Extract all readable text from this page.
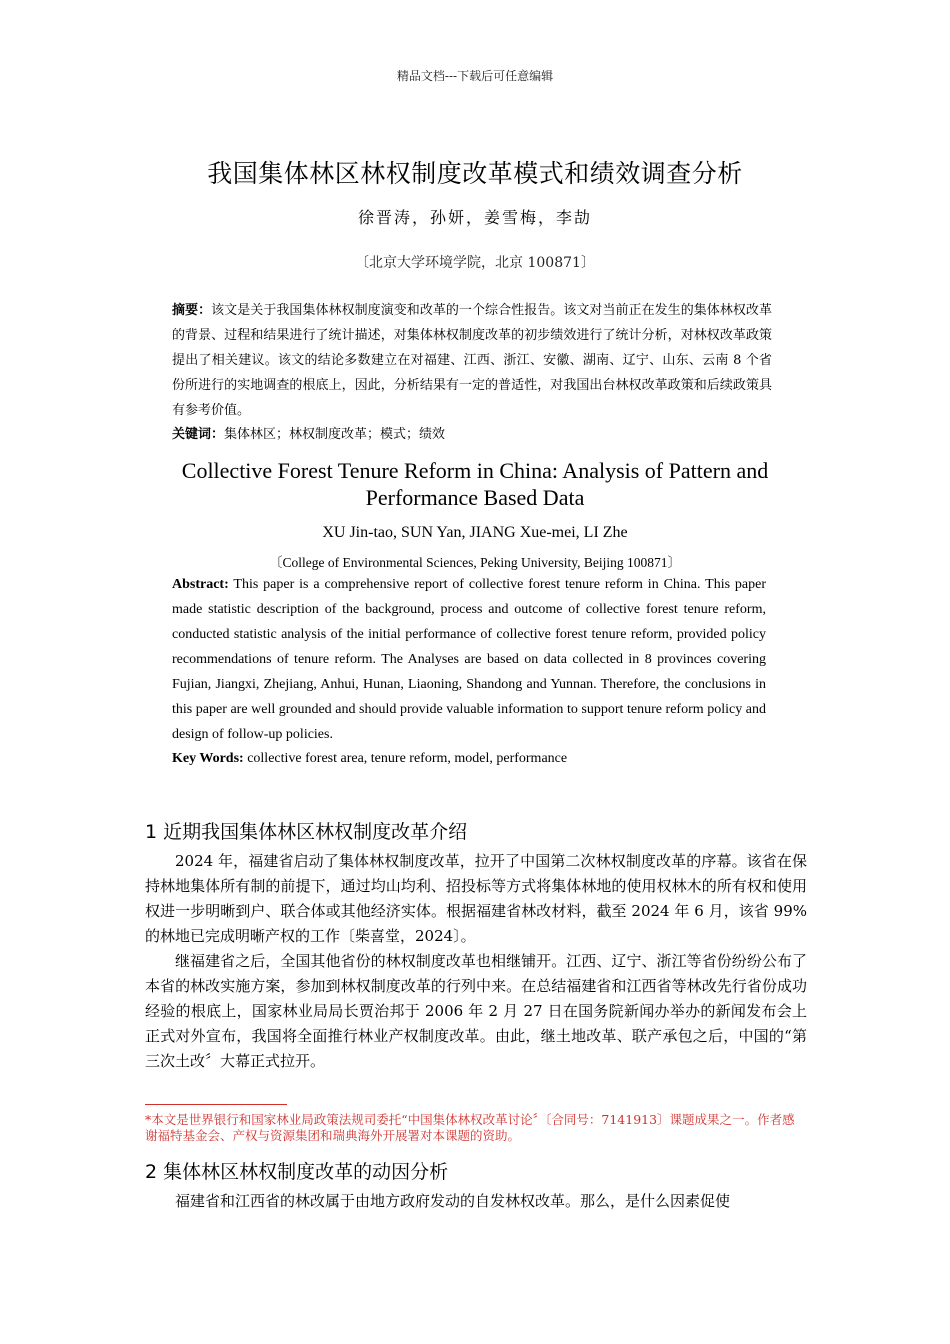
精品文档---下载后可任意编辑
我国集体林区林权制度改革模式和绩效调查分析
徐晋涛，孙妍，姜雪梅，李劼
〔北京大学环境学院，北京 100871〕
摘要：该文是关于我国集体林权制度演变和改革的一个综合性报告。该文对当前正在发生的集体林权改革的背景、过程和结果进行了统计描述，对集体林权制度改革的初步绩效进行了统计分析，对林权改革政策提出了相关建议。该文的结论多数建立在对福建、江西、浙江、安徽、湖南、辽宁、山东、云南 8 个省份所进行的实地调查的根底上，因此，分析结果有一定的普适性，对我国出台林权改革政策和后续政策具有参考价值。
关键词：集体林区；林权制度改革；模式；绩效
Collective Forest Tenure Reform in China: Analysis of Pattern and Performance Based Data
XU Jin-tao, SUN Yan, JIANG Xue-mei, LI Zhe
〔College of Environmental Sciences, Peking University, Beijing 100871〕
Abstract: This paper is a comprehensive report of collective forest tenure reform in China. This paper made statistic description of the background, process and outcome of collective forest tenure reform, conducted statistic analysis of the initial performance of collective forest tenure reform, provided policy recommendations of tenure reform. The Analyses are based on data collected in 8 provinces covering Fujian, Jiangxi, Zhejiang, Anhui, Hunan, Liaoning, Shandong and Yunnan. Therefore, the conclusions in this paper are well grounded and should provide valuable information to support tenure reform policy and design of follow-up policies.
Key Words: collective forest area, tenure reform, model, performance
1 近期我国集体林区林权制度改革介绍

2024 年，福建省启动了集体林权制度改革，拉开了中国第二次林权制度改革的序幕。该省在保持林地集体所有制的前提下，通过均山均利、招投标等方式将集体林地的使用权林木的所有权和使用权进一步明晰到户、联合体或其他经济实体。根据福建省林改材料，截至 2024 年 6 月，该省 99%的林地已完成明晰产权的工作〔柴喜堂，2024〕。

继福建省之后，全国其他省份的林权制度改革也相继铺开。江西、辽宁、浙江等省份纷纷公布了本省的林改实施方案，参加到林权制度改革的行列中来。在总结福建省和江西省等林改先行省份成功经验的根底上，国家林业局局长贾治邦于 2006 年 2 月 27 日在国务院新闻办举办的新闻发布会上正式对外宣布，我国将全面推行林业产权制度改革。由此，继土地改革、联产承包之后，中国的“第三次土改〞大幕正式拉开。

*本文是世界银行和国家林业局政策法规司委托“中国集体林权改革讨论〞〔合同号：7141913〕课题成果之一。作者感谢福特基金会、产权与资源集团和瑞典海外开展署对本课题的资助。
2 集体林区林权制度改革的动因分析

福建省和江西省的林改属于由地方政府发动的自发林权改革。那么，是什么因素促使
